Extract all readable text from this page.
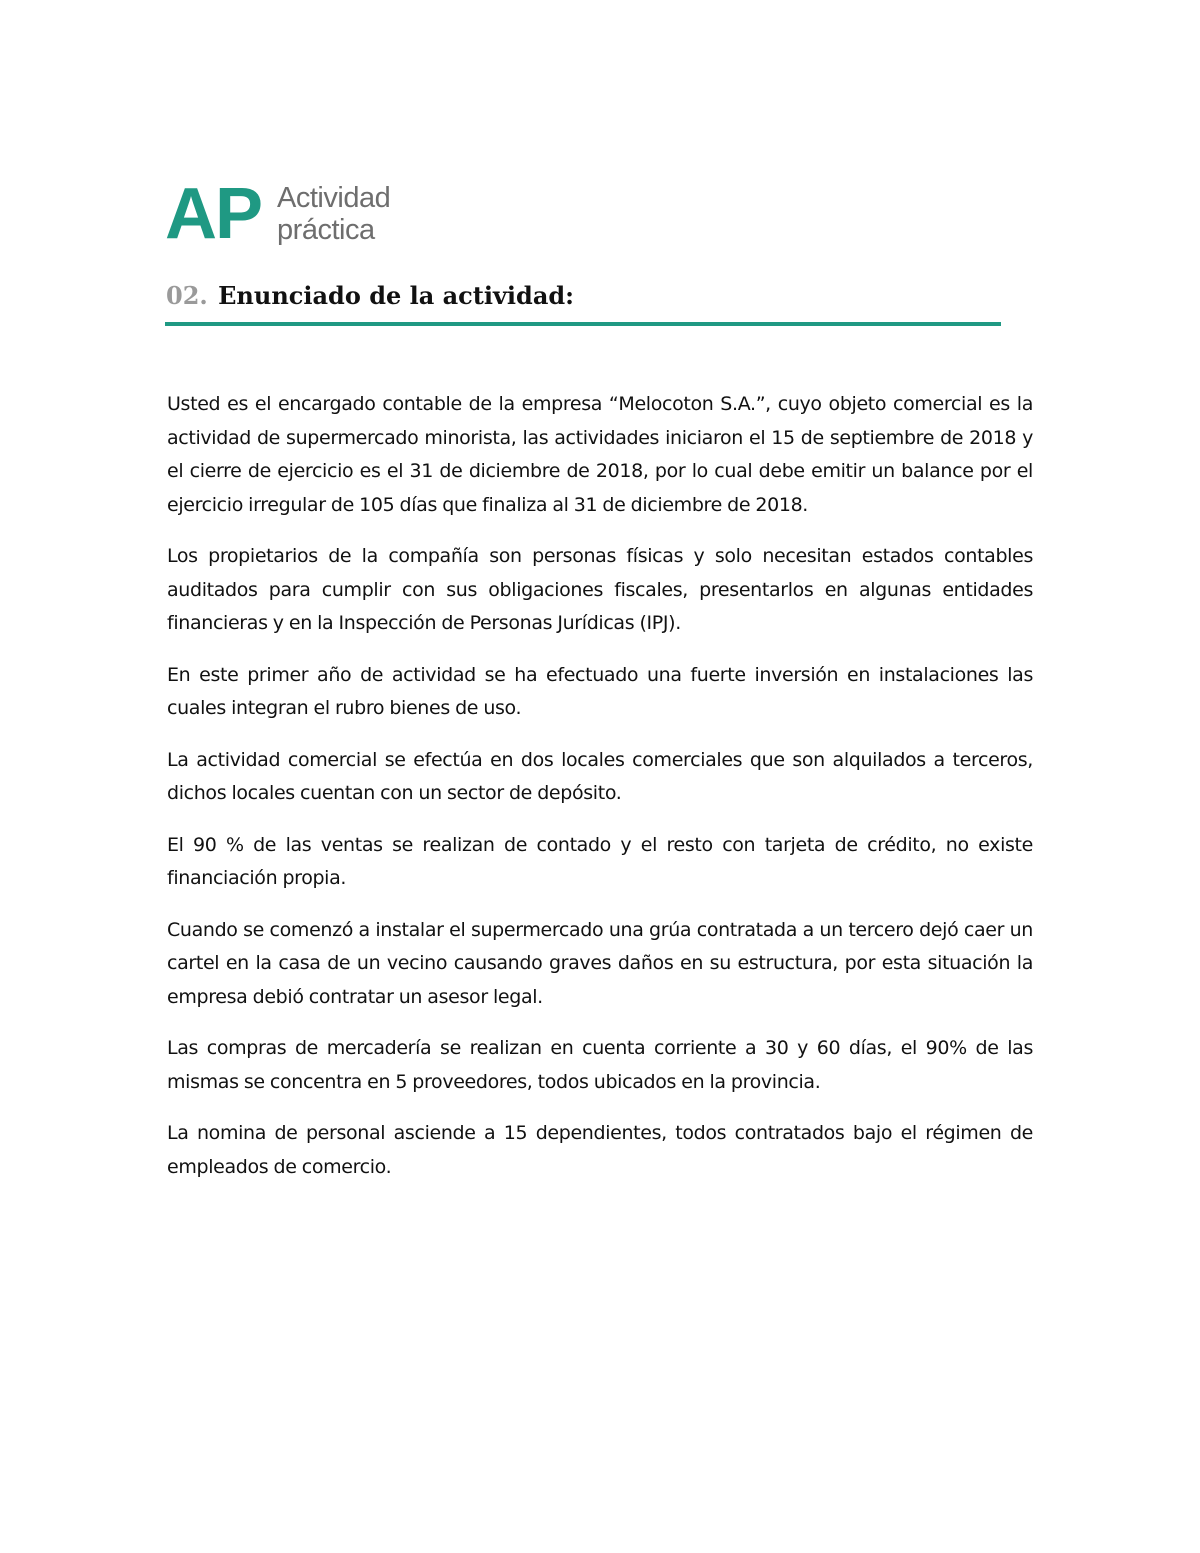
AP Actividad
práctica
02. Enunciado de la actividad:

Usted es el encargado contable de la empresa “Melocoton S.A.”, cuyo objeto comercial es la actividad de supermercado minorista, las actividades iniciaron el 15 de septiembre de 2018 y el cierre de ejercicio es el 31 de diciembre de 2018, por lo cual debe emitir un balance por el ejercicio irregular de 105 días que finaliza al 31 de diciembre de 2018.

Los propietarios de la compañía son personas físicas y solo necesitan estados contables auditados para cumplir con sus obligaciones fiscales, presentarlos en algunas entidades financieras y en la Inspección de Personas Jurídicas (IPJ).

En este primer año de actividad se ha efectuado una fuerte inversión en instalaciones las cuales integran el rubro bienes de uso.

La actividad comercial se efectúa en dos locales comerciales que son alquilados a terceros, dichos locales cuentan con un sector de depósito.

El 90 % de las ventas se realizan de contado y el resto con tarjeta de crédito, no existe financiación propia.

Cuando se comenzó a instalar el supermercado una grúa contratada a un tercero dejó caer un cartel en la casa de un vecino causando graves daños en su estructura, por esta situación la empresa debió contratar un asesor legal.

Las compras de mercadería se realizan en cuenta corriente a 30 y 60 días, el 90% de las mismas se concentra en 5 proveedores, todos ubicados en la provincia.

La nomina de personal asciende a 15 dependientes, todos contratados bajo el régimen de empleados de comercio.
